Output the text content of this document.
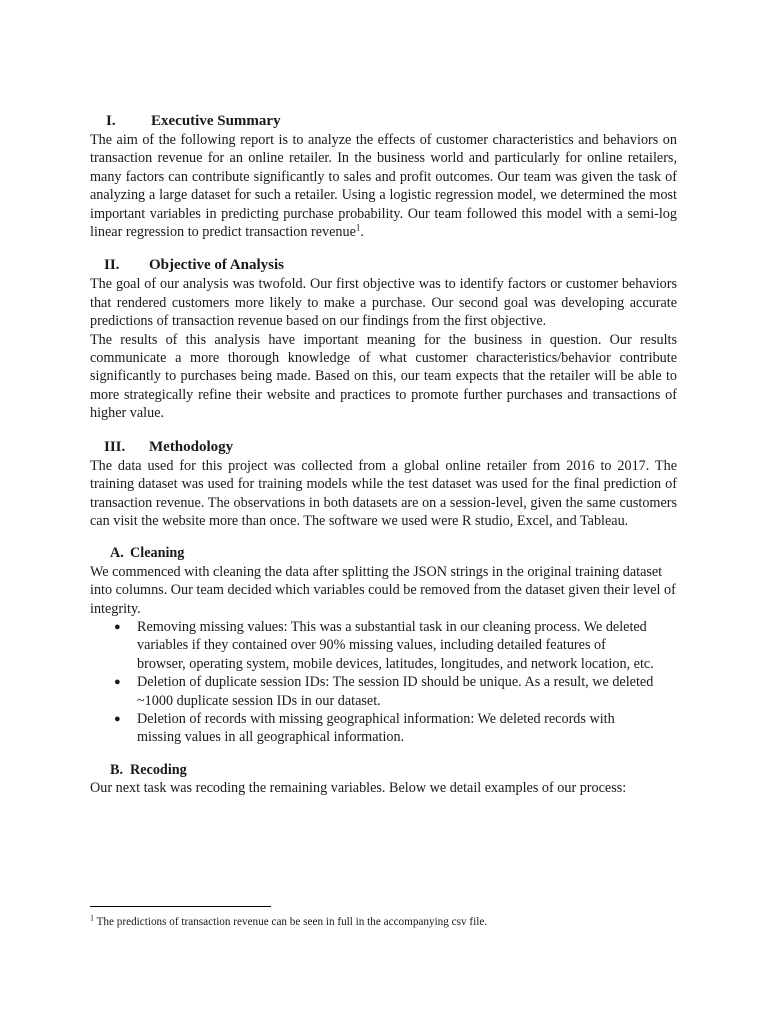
I.	Executive Summary

The aim of the following report is to analyze the effects of customer characteristics and behaviors on transaction revenue for an online retailer. In the business world and particularly for online retailers, many factors can contribute significantly to sales and profit outcomes. Our team was given the task of analyzing a large dataset for such a retailer. Using a logistic regression model, we determined the most important variables in predicting purchase probability. Our team followed this model with a semi-log linear regression to predict transaction revenue$^1$.

II.	Objective of Analysis

The goal of our analysis was twofold. Our first objective was to identify factors or customer behaviors that rendered customers more likely to make a purchase. Our second goal was developing accurate predictions of transaction revenue based on our findings from the first objective.

The results of this analysis have important meaning for the business in question. Our results communicate a more thorough knowledge of what customer characteristics/behavior contribute significantly to purchases being made. Based on this, our team expects that the retailer will be able to more strategically refine their website and practices to promote further purchases and transactions of higher value.

III.	Methodology

The data used for this project was collected from a global online retailer from 2016 to 2017. The training dataset was used for training models while the test dataset was used for the final prediction of transaction revenue. The observations in both datasets are on a session-level, given the same customers can visit the website more than once. The software we used were R studio, Excel, and Tableau.

A. Cleaning

We commenced with cleaning the data after splitting the JSON strings in the original training dataset into columns. Our team decided which variables could be removed from the dataset given their level of integrity.

● Removing missing values: This was a substantial task in our cleaning process. We deleted variables if they contained over 90% missing values, including detailed features of browser, operating system, mobile devices, latitudes, longitudes, and network location, etc.
● Deletion of duplicate session IDs: The session ID should be unique. As a result, we deleted ~1000 duplicate session IDs in our dataset.
● Deletion of records with missing geographical information: We deleted records with missing values in all geographical information.
B. Recoding

Our next task was recoding the remaining variables. Below we detail examples of our process:

$^1$ The predictions of transaction revenue can be seen in full in the accompanying csv file.
